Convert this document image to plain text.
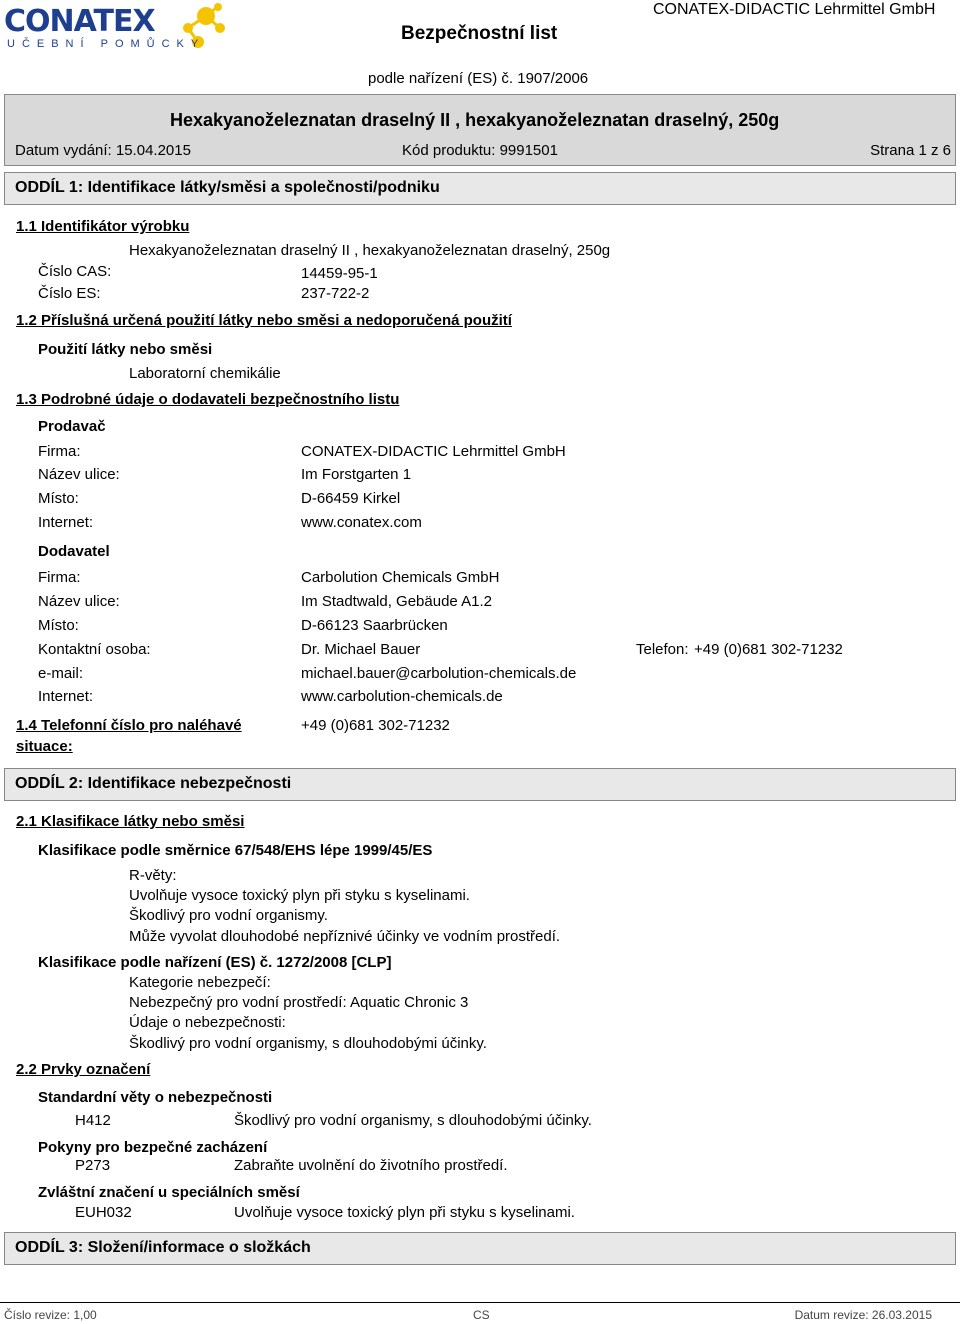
CONATEX
UČEBNÍ POMŮCKY	Bezpečnostní list
CONATEX-DIDACTIC Lehrmittel GmbH
podle nařízení (ES) č. 1907/2006
Hexakyanoželeznatan draselný II , hexakyanoželeznatan draselný, 250g
Datum vydání: 15.04.2015	Kód produktu: 9991501	Strana 1 z 6
ODDÍL 1: Identifikace látky/směsi a společnosti/podniku
1.1 Identifikátor výrobku
Hexakyanoželeznatan draselný II , hexakyanoželeznatan draselný, 250g
Číslo CAS:	14459-95-1
Číslo ES:	237-722-2
1.2 Příslušná určená použití látky nebo směsi a nedoporučená použití
Použití látky nebo směsi
Laboratorní chemikálie
1.3 Podrobné údaje o dodavateli bezpečnostního listu
Prodavač
Firma:	CONATEX-DIDACTIC Lehrmittel GmbH
Název ulice:	Im Forstgarten 1
Místo:	D-66459 Kirkel
Internet:	www.conatex.com
Dodavatel
Firma:	Carbolution Chemicals GmbH
Název ulice:	Im Stadtwald, Gebäude A1.2
Místo:	D-66123 Saarbrücken
Kontaktní osoba:	Dr. Michael Bauer	Telefon: +49 (0)681 302-71232
e-mail:	michael.bauer@carbolution-chemicals.de
Internet:	www.carbolution-chemicals.de
1.4 Telefonní číslo pro naléhavé
situace:
+49 (0)681 302-71232
ODDÍL 2: Identifikace nebezpečnosti
2.1 Klasifikace látky nebo směsi
Klasifikace podle směrnice 67/548/EHS lépe 1999/45/ES
R-věty:
Uvolňuje vysoce toxický plyn při styku s kyselinami.
Škodlivý pro vodní organismy.
Může vyvolat dlouhodobé nepříznivé účinky ve vodním prostředí.
Klasifikace podle nařízení (ES) č. 1272/2008 [CLP]
Kategorie nebezpečí:
Nebezpečný pro vodní prostředí: Aquatic Chronic 3
Údaje o nebezpečnosti:
Škodlivý pro vodní organismy, s dlouhodobými účinky.
2.2 Prvky označení
Standardní věty o nebezpečnosti
H412	Škodlivý pro vodní organismy, s dlouhodobými účinky.
Pokyny pro bezpečné zacházení
P273	Zabraňte uvolnění do životního prostředí.
Zvláštní značení u speciálních směsí
EUH032	Uvolňuje vysoce toxický plyn při styku s kyselinami.
ODDÍL 3: Složení/informace o složkách
Číslo revize: 1,00	CS	Datum revize: 26.03.2015
